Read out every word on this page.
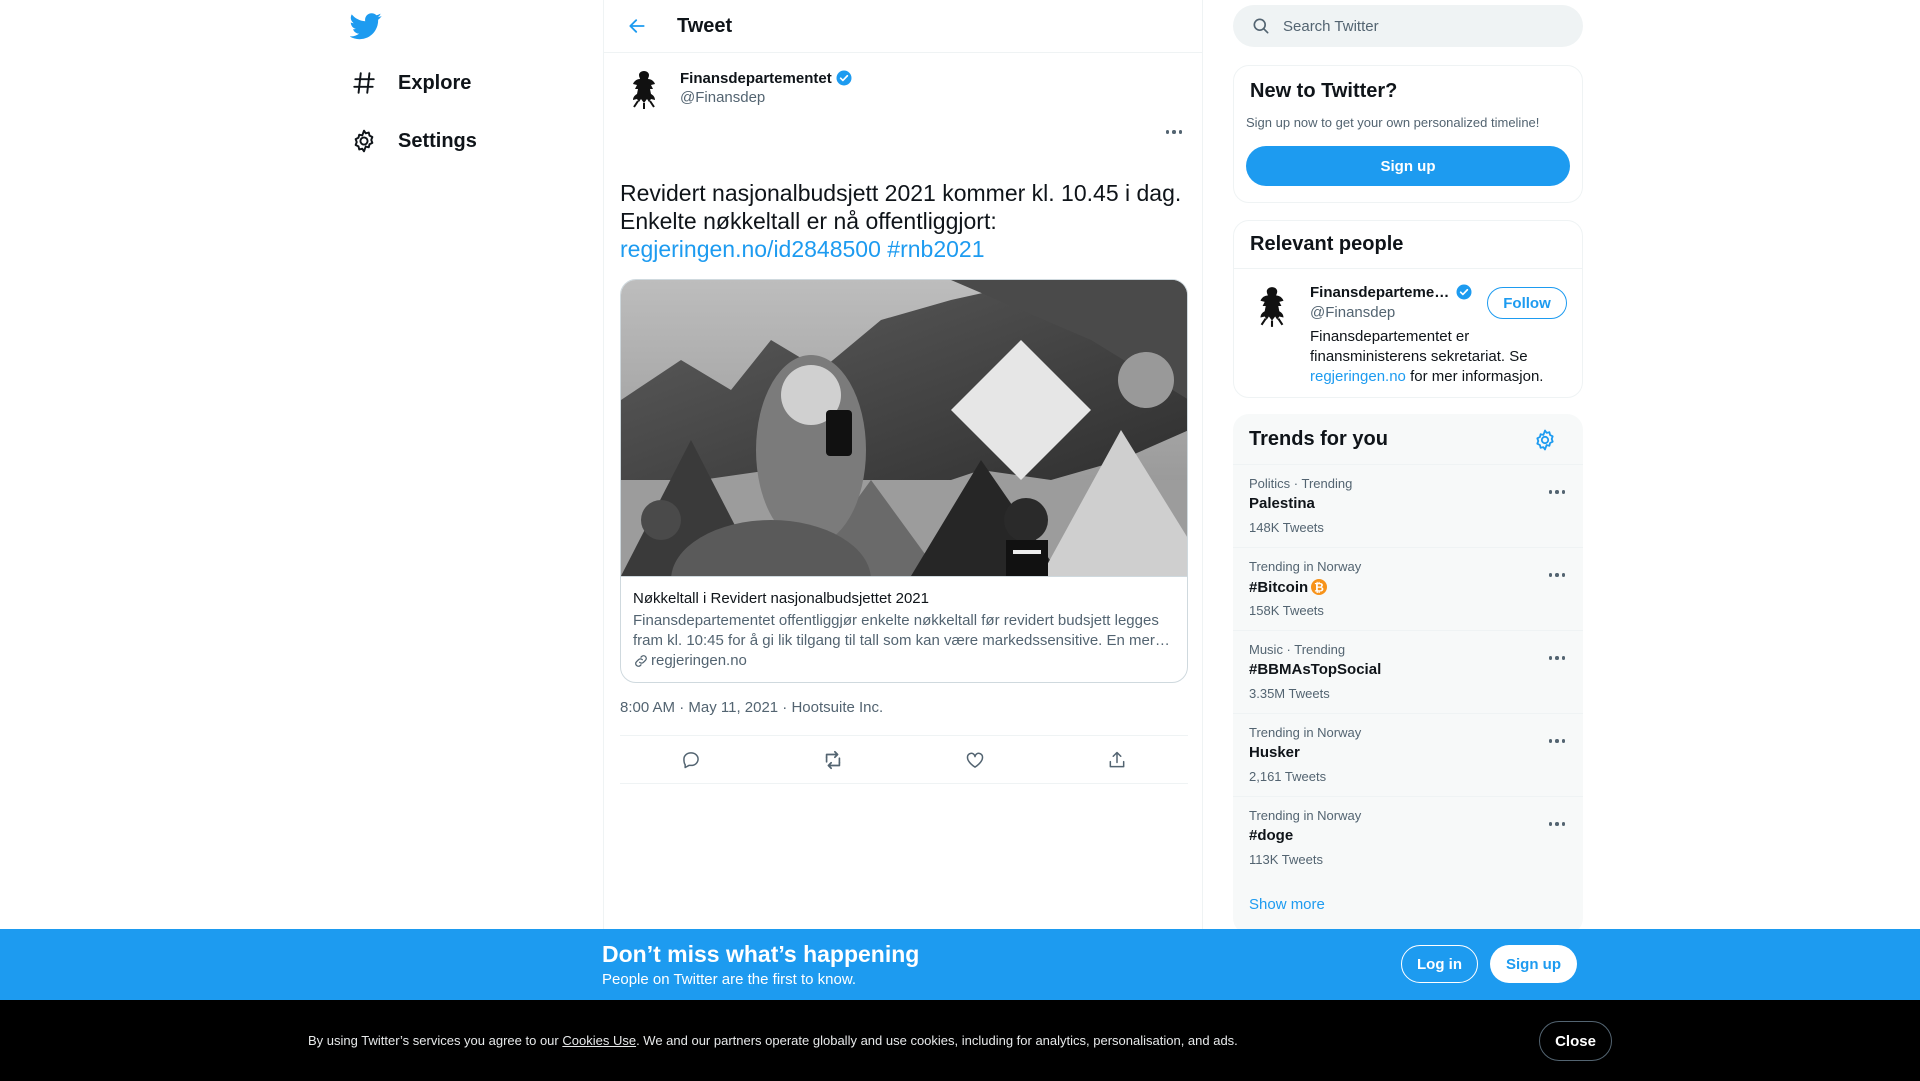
Explore
Settings
Tweet
Finansdepartementet
@Finansdep
Revidert nasjonalbudsjett 2021 kommer kl. 10.45 i dag.
Enkelte nøkkeltall er nå offentliggjort:
regjeringen.no/id2848500 #rnb2021
Nøkkeltall i Revidert nasjonalbudsjettet 2021
Finansdepartementet offentliggjør enkelte nøkkeltall før revidert budsjett legges fram kl. 10:45 for å gi lik tilgang til tall som kan være markedssensitive. En mer…
regjeringen.no
8:00 AM · May 11, 2021 · Hootsuite Inc.
Search Twitter
New to Twitter?
Sign up now to get your own personalized timeline!
Sign up
Relevant people
Finansdeparteme…
@Finansdep
Follow
Finansdepartementet er finansministerens sekretariat. Se regjeringen.no for mer informasjon.
Trends for you
Politics · Trending
Palestina
148K Tweets
Trending in Norway
#Bitcoin ₿
158K Tweets
Music · Trending
#BBMAsTopSocial
3.35M Tweets
Trending in Norway
Husker
2,161 Tweets
Trending in Norway
#doge
113K Tweets
Show more
Don’t miss what’s happening
People on Twitter are the first to know.
Log in	Sign up
By using Twitter’s services you agree to our Cookies Use. We and our partners operate globally and use cookies, including for analytics, personalisation, and ads.	Close
